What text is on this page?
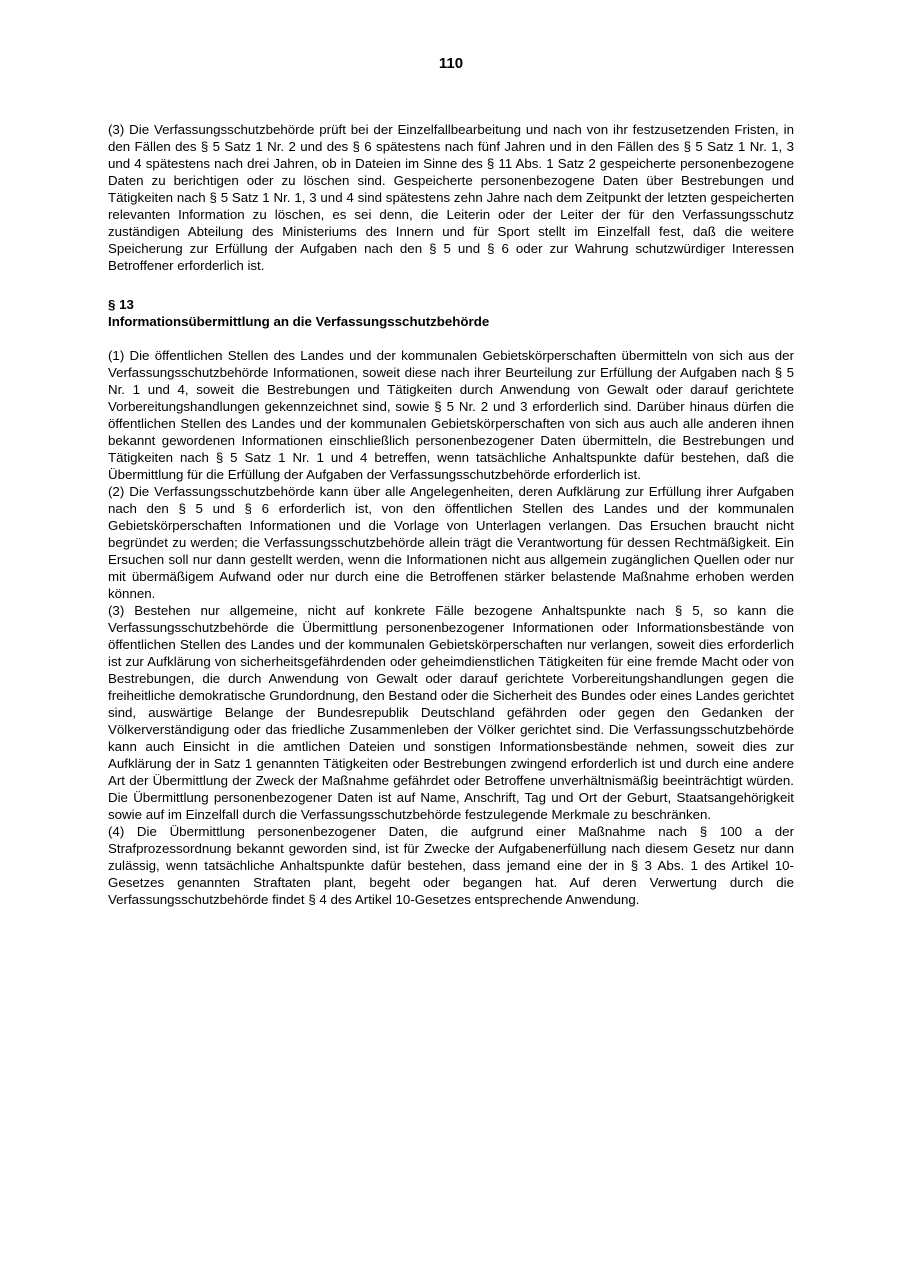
110

(3) Die Verfassungsschutzbehörde prüft bei der Einzelfallbearbeitung und nach von ihr festzusetzenden Fristen, in den Fällen des § 5 Satz 1 Nr. 2 und des § 6 spätestens nach fünf Jahren und in den Fällen des § 5 Satz 1 Nr. 1, 3 und 4 spätestens nach drei Jahren, ob in Dateien im Sinne des § 11 Abs. 1 Satz 2 gespeicherte personenbezogene Daten zu berichtigen oder zu löschen sind. Gespeicherte personenbezogene Daten über Bestrebungen und Tätigkeiten nach § 5 Satz 1 Nr. 1, 3 und 4 sind spätestens zehn Jahre nach dem Zeitpunkt der letzten gespeicherten relevanten Information zu löschen, es sei denn, die Leiterin oder der Leiter der für den Verfassungsschutz zuständigen Abteilung des Ministeriums des Innern und für Sport stellt im Einzelfall fest, daß die weitere Speicherung zur Erfüllung der Aufgaben nach den § 5 und § 6 oder zur Wahrung schutzwürdiger Interessen Betroffener erforderlich ist.

§ 13
Informationsübermittlung an die Verfassungsschutzbehörde

(1) Die öffentlichen Stellen des Landes und der kommunalen Gebietskörperschaften übermitteln von sich aus der Verfassungsschutzbehörde Informationen, soweit diese nach ihrer Beurteilung zur Erfüllung der Aufgaben nach § 5 Nr. 1 und 4, soweit die Bestrebungen und Tätigkeiten durch Anwendung von Gewalt oder darauf gerichtete Vorbereitungshandlungen gekennzeichnet sind, sowie § 5 Nr. 2 und 3 erforderlich sind. Darüber hinaus dürfen die öffentlichen Stellen des Landes und der kommunalen Gebietskörperschaften von sich aus auch alle anderen ihnen bekannt gewordenen Informationen einschließlich personenbezogener Daten übermitteln, die Bestrebungen und Tätigkeiten nach § 5 Satz 1 Nr. 1 und 4 betreffen, wenn tatsächliche Anhaltspunkte dafür bestehen, daß die Übermittlung für die Erfüllung der Aufgaben der Verfassungsschutzbehörde erforderlich ist.

(2) Die Verfassungsschutzbehörde kann über alle Angelegenheiten, deren Aufklärung zur Erfüllung ihrer Aufgaben nach den § 5 und § 6 erforderlich ist, von den öffentlichen Stellen des Landes und der kommunalen Gebietskörperschaften Informationen und die Vorlage von Unterlagen verlangen. Das Ersuchen braucht nicht begründet zu werden; die Verfassungsschutzbehörde allein trägt die Verantwortung für dessen Rechtmäßigkeit. Ein Ersuchen soll nur dann gestellt werden, wenn die Informationen nicht aus allgemein zugänglichen Quellen oder nur mit übermäßigem Aufwand oder nur durch eine die Betroffenen stärker belastende Maßnahme erhoben werden können.

(3) Bestehen nur allgemeine, nicht auf konkrete Fälle bezogene Anhaltspunkte nach § 5, so kann die Verfassungsschutzbehörde die Übermittlung personenbezogener Informationen oder Informationsbestände von öffentlichen Stellen des Landes und der kommunalen Gebietskörperschaften nur verlangen, soweit dies erforderlich ist zur Aufklärung von sicherheitsgefährdenden oder geheimdienstlichen Tätigkeiten für eine fremde Macht oder von Bestrebungen, die durch Anwendung von Gewalt oder darauf gerichtete Vorbereitungshandlungen gegen die freiheitliche demokratische Grundordnung, den Bestand oder die Sicherheit des Bundes oder eines Landes gerichtet sind, auswärtige Belange der Bundesrepublik Deutschland gefährden oder gegen den Gedanken der Völkerverständigung oder das friedliche Zusammenleben der Völker gerichtet sind. Die Verfassungsschutzbehörde kann auch Einsicht in die amtlichen Dateien und sonstigen Informationsbestände nehmen, soweit dies zur Aufklärung der in Satz 1 genannten Tätigkeiten oder Bestrebungen zwingend erforderlich ist und durch eine andere Art der Übermittlung der Zweck der Maßnahme gefährdet oder Betroffene unverhältnismäßig beeinträchtigt würden. Die Übermittlung personenbezogener Daten ist auf Name, Anschrift, Tag und Ort der Geburt, Staatsangehörigkeit sowie auf im Einzelfall durch die Verfassungsschutzbehörde festzulegende Merkmale zu beschränken.

(4) Die Übermittlung personenbezogener Daten, die aufgrund einer Maßnahme nach § 100 a der Strafprozessordnung bekannt geworden sind, ist für Zwecke der Aufgabenerfüllung nach diesem Gesetz nur dann zulässig, wenn tatsächliche Anhaltspunkte dafür bestehen, dass jemand eine der in § 3 Abs. 1 des Artikel 10-Gesetzes genannten Straftaten plant, begeht oder begangen hat. Auf deren Verwertung durch die Verfassungsschutzbehörde findet § 4 des Artikel 10-Gesetzes entsprechende Anwendung.
